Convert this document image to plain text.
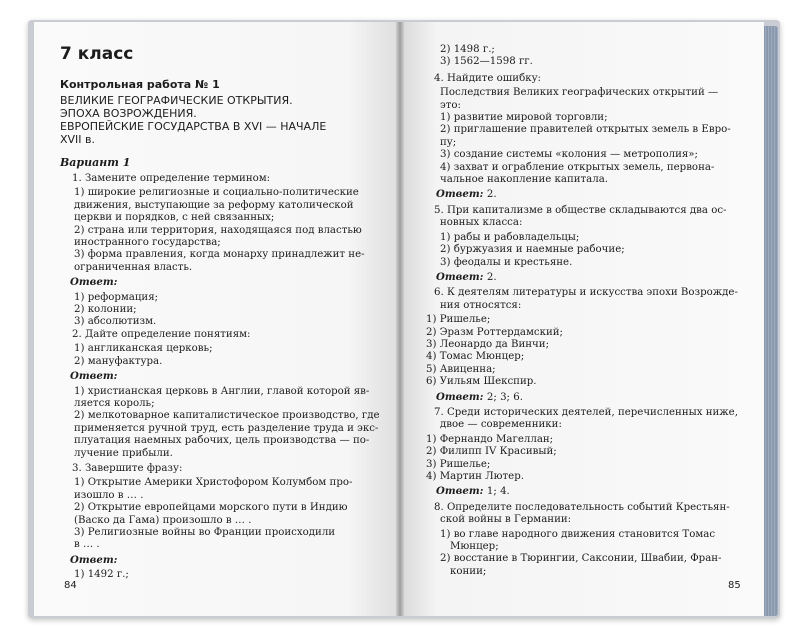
7 класс
Контрольная работа № 1
ВЕЛИКИЕ ГЕОГРАФИЧЕСКИЕ ОТКРЫТИЯ.
ЭПОХА ВОЗРОЖДЕНИЯ.
ЕВРОПЕЙСКИЕ ГОСУДАРСТВА В XVI — НАЧАЛЕ
XVII в.
Вариант 1
1. Замените определение термином:
1) широкие религиозные и социально-политические
движения, выступающие за реформу католической
церкви и порядков, с ней связанных;
2) страна или территория, находящаяся под властью
иностранного государства;
3) форма правления, когда монарху принадлежит не-
ограниченная власть.
Ответ:
1) реформация;
2) колонии;
3) абсолютизм.
2. Дайте определение понятиям:
1) англиканская церковь;
2) мануфактура.
Ответ:
1) христианская церковь в Англии, главой которой яв-
ляется король;
2) мелкотоварное капиталистическое производство, где
применяется ручной труд, есть разделение труда и экс-
плуатация наемных рабочих, цель производства — по-
лучение прибыли.
3. Завершите фразу:
1) Открытие Америки Христофором Колумбом про-
изошло в … .
2) Открытие европейцами морского пути в Индию
(Васко да Гама) произошло в … .
3) Религиозные войны во Франции происходили
в … .
Ответ:
1) 1492 г.;
84
2) 1498 г.;
3) 1562—1598 гг.
4. Найдите ошибку:
Последствия Великих географических открытий —
это:
1) развитие мировой торговли;
2) приглашение правителей открытых земель в Евро-
пу;
3) создание системы «колония — метрополия»;
4) захват и ограбление открытых земель, первона-
чальное накопление капитала.
Ответ: 2.
5. При капитализме в обществе складываются два ос-
новных класса:
1) рабы и рабовладельцы;
2) буржуазия и наемные рабочие;
3) феодалы и крестьяне.
Ответ: 2.
6. К деятелям литературы и искусства эпохи Возрожде-
ния относятся:
1) Ришелье;
2) Эразм Роттердамский;
3) Леонардо да Винчи;
4) Томас Мюнцер;
5) Авиценна;
6) Уильям Шекспир.
Ответ: 2; 3; 6.
7. Среди исторических деятелей, перечисленных ниже,
двое — современники:
1) Фернандо Магеллан;
2) Филипп IV Красивый;
3) Ришелье;
4) Мартин Лютер.
Ответ: 1; 4.
8. Определите последовательность событий Крестьян-
ской войны в Германии:
1) во главе народного движения становится Томас
Мюнцер;
2) восстание в Тюрингии, Саксонии, Швабии, Фран-
конии;
85
